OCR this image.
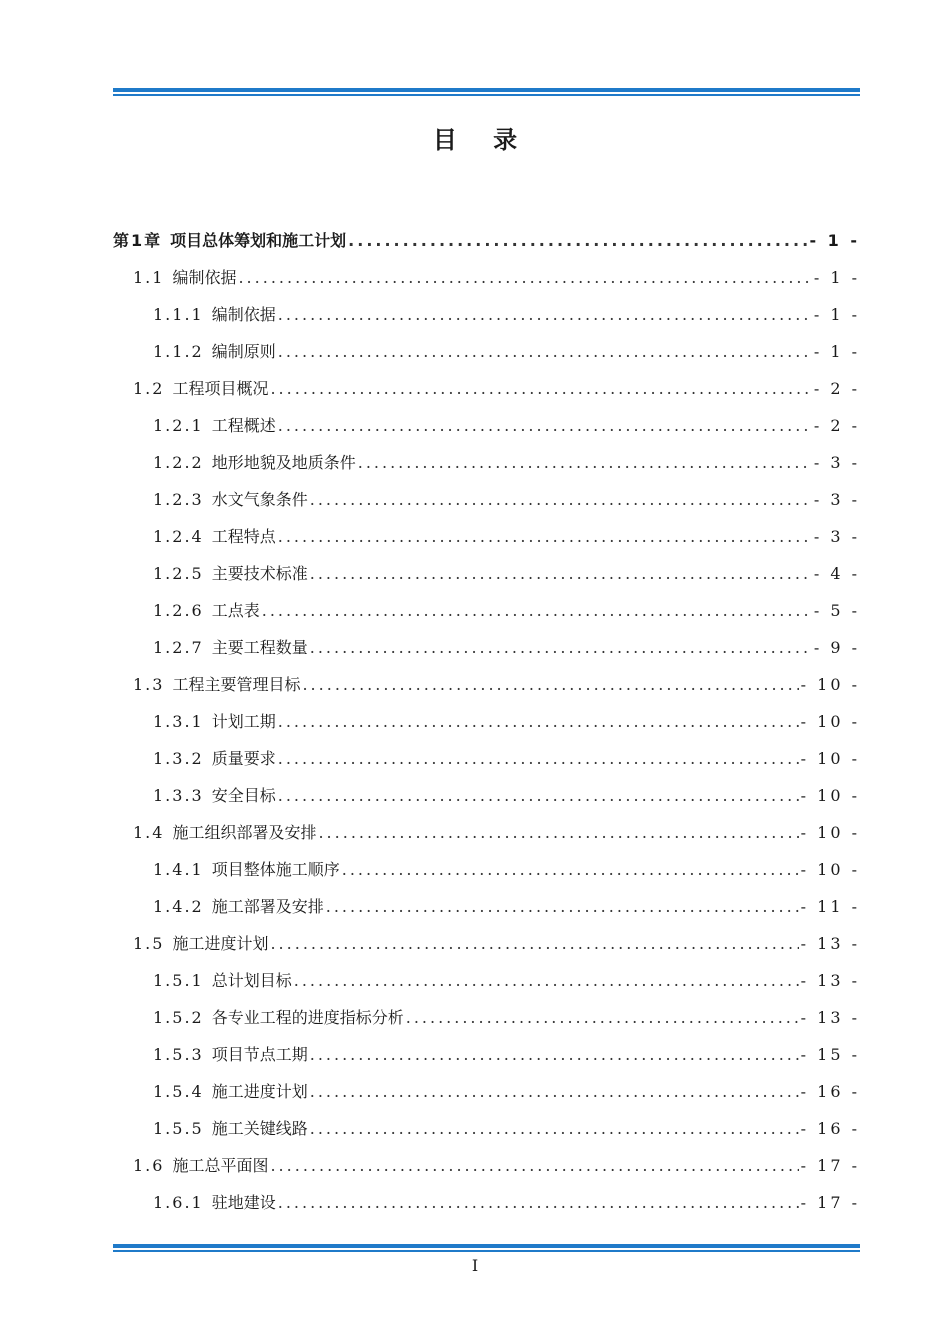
目 录
第1章 项目总体筹划和施工计划 .....	- 1 -
1.1 编制依据 .....	- 1 -
1.1.1 编制依据 .....	- 1 -
1.1.2 编制原则 .....	- 1 -
1.2 工程项目概况 .....	- 2 -
1.2.1 工程概述 .....	- 2 -
1.2.2 地形地貌及地质条件 .....	- 3 -
1.2.3 水文气象条件 .....	- 3 -
1.2.4 工程特点 .....	- 3 -
1.2.5 主要技术标准 .....	- 4 -
1.2.6 工点表 .....	- 5 -
1.2.7 主要工程数量 .....	- 9 -
1.3 工程主要管理目标 .....	- 10 -
1.3.1 计划工期 .....	- 10 -
1.3.2 质量要求 .....	- 10 -
1.3.3 安全目标 .....	- 10 -
1.4 施工组织部署及安排 .....	- 10 -
1.4.1 项目整体施工顺序 .....	- 10 -
1.4.2 施工部署及安排 .....	- 11 -
1.5 施工进度计划 .....	- 13 -
1.5.1 总计划目标 .....	- 13 -
1.5.2 各专业工程的进度指标分析 .....	- 13 -
1.5.3 项目节点工期 .....	- 15 -
1.5.4 施工进度计划 .....	- 16 -
1.5.5 施工关键线路 .....	- 16 -
1.6 施工总平面图 .....	- 17 -
1.6.1 驻地建设 .....	- 17 -
I
